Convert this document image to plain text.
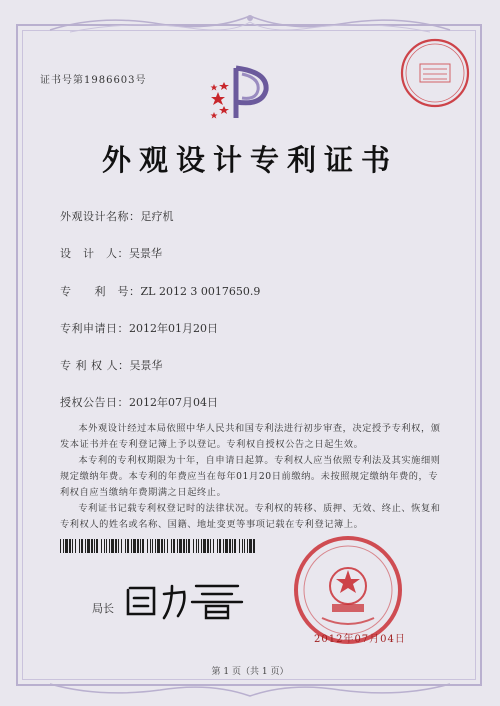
证书号第1986603号
外观设计专利证书
外观设计名称：足疗机
设　计　人：吴景华
专　　利　号：ZL 2012 3 0017650.9
专利申请日：2012年01月20日
专 利 权 人：吴景华
授权公告日：2012年07月04日

本外观设计经过本局依照中华人民共和国专利法进行初步审查，决定授予专利权，颁发本证书并在专利登记簿上予以登记。专利权自授权公告之日起生效。

本专利的专利权期限为十年，自申请日起算。专利权人应当依照专利法及其实施细则规定缴纳年费。本专利的年费应当在每年01月20日前缴纳。未按照规定缴纳年费的，专利权自应当缴纳年费期满之日起终止。

专利证书记载专利权登记时的法律状况。专利权的转移、质押、无效、终止、恢复和专利权人的姓名或名称、国籍、地址变更等事项记载在专利登记簿上。

局长
2012年07月04日
第 1 页（共 1 页）
